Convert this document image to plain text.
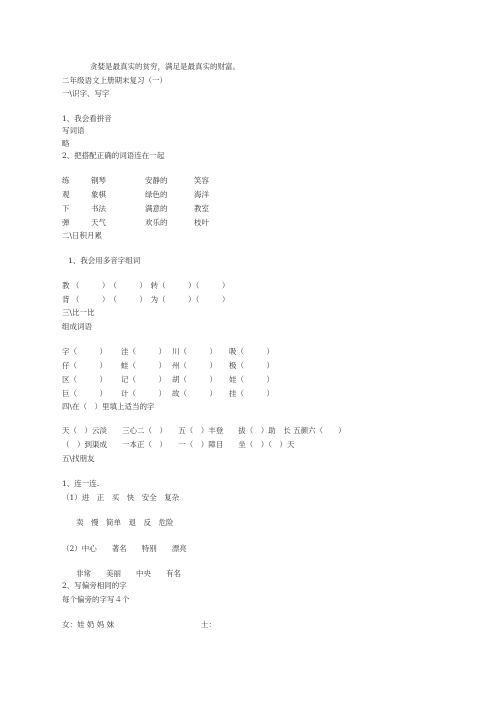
贪婪是最真实的贫穷，满足是最真实的财富。
二年级语文上册期末复习（一）
一\识字、写字
1、我会看拼音
写词语
略
2、把搭配正确的词语连在一起
练	钢琴	安静的	笑容
观	象棋	绿色的	海洋
下	书法	满意的	教室
弹	天气	欢乐的	枝叶
二\日积月累
1、我会用多音字组词
教 （　　　）　（　　　）　转（　　　）（　　　）
背 （　　　）　（　　　）　为（　　　）（　　　）
三\比一比
组成词语
字（　　　） 洼（　　　） 川（　　　） 吸（　　　）
仔（　　　） 蛙（　　　） 州（　　　） 极（　　　）
区（　　　） 记（　　　） 胡（　　　） 娃（　　　）
巨（　　　） 计（　　　） 故（　　　） 挂（　　　）
四\在（　）里填上适当的字
天（　）云淡　　三心二（　）　　五（　）丰登　　拔（　）助　长 五颜六（　　）
（　）到渠成　　一本正（　）　　一（　）障目　　坐（　）（　）天
五\找朋友
1、连一连.
（1）进　正　买　快　安全　复杂
卖　慢　简单　退　反　危险
（2）中心　　著名　　特别　　漂亮
非常　　美丽　　中央　　有名
2、写偏旁相同的字
每个偏旁的字写４个
女：娃 奶 妈 妹	土：
